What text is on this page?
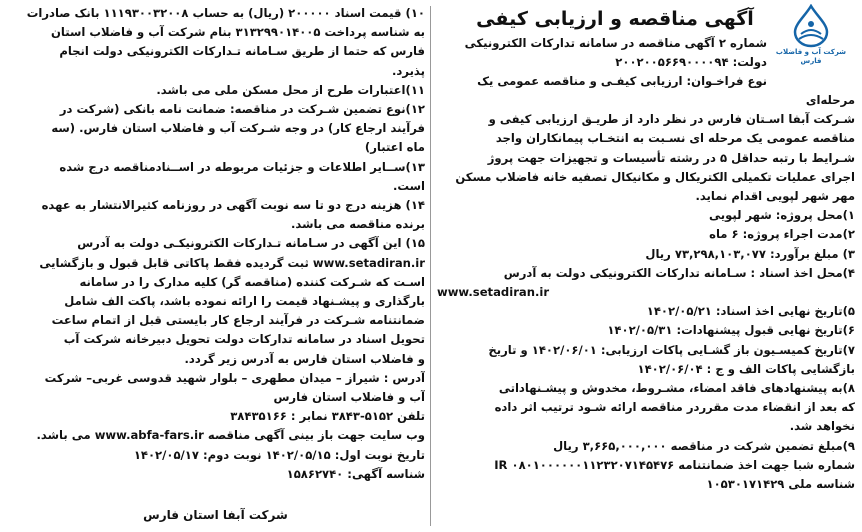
شرکت آب و فاضلاب فارس
آگهی مناقصه و ارزیابی کیفی
شماره ۲ آگهی مناقصه در سامانه تدارکات الکترونیکی
دولت: ۲۰۰۲۰۰۵۶۶۹۰۰۰۰۹۴
نوع فراخـوان: ارزیابی کیفـی و مناقصه عمومی یک
مرحله‌ای
شـرکت آبفا اسـتان فارس در نظر دارد از طریـق ارزیابی کیفی و
مناقصه عمومی یک مرحله ای نسـبت به انتخـاب پیمانکاران واجد
شـرایط با رتبه حداقل ۵ در رشته تأسیسات و تجهیزات جهت پروژ
اجرای عملیات تکمیلی الکتریکال و مکانیکال تصفیه خانه فاضلاب مسکن
مهر شهر لپویی اقدام نماید.
۱)محل پروژه: شهر لپویی
۲)مدت اجراء پروژه: ۶ ماه
۳) مبلغ برآورد: ۷۳,۲۹۸,۱۰۳,۰۷۷ ریال
۴)محل اخذ اسناد : سـامانه تدارکات الکترونیکی دولت به آدرس
www.setadiran.ir
۵)تاریخ نهایی اخذ اسناد: ۱۴۰۲/۰۵/۲۱
۶)تاریخ نهایی قبول پیشنهادات: ۱۴۰۲/۰۵/۳۱
۷)تاریخ کمیسـیون باز گشـایی پاکات ارزیابی: ۱۴۰۲/۰۶/۰۱ و تاریخ
بازگشایی پاکات الف و ج : ۱۴۰۲/۰۶/۰۴
۸)به پیشنهادهای فاقد امضاء، مشـروط، مخدوش و پیشـنهاداتی
که بعد از انقضاء مدت مقرردر مناقصه ارائه شـود ترتیب اثر داده
نخواهد شد.
۹)مبلغ تضمین شرکت در مناقصه ۳,۶۶۵,۰۰۰,۰۰۰ ریال
شماره شبا جهت اخذ ضمانتنامه IR ۰۸۰۱۰۰۰۰۰۰۱۱۲۳۲۰۷۱۴۵۴۷۶
شناسه ملی ۱۰۵۳۰۱۷۱۴۲۹
۱۰) قیمت اسناد ۲۰۰۰۰۰ (ریال) به حساب ۱۱۱۹۳۰۰۳۲۰۰۸ بانک صادرات
به شناسه پرداخت ۳۱۳۲۹۹۰۱۴۰۰۵ بنام شرکت آب و فاضلاب استان
فارس که حتما از طریق سـامانه تـدارکات الکترونیکی دولت انجام
پذیرد.
۱۱)اعتبارات طرح از محل مسکن ملی می باشد.
۱۲)نوع تضمین شـرکت در مناقصه: ضمانت نامه بانکی (شرکت در
فرآیند ارجاع کار) در وجه شـرکت آب و فاضلاب استان فارس. (سه
ماه اعتبار)
۱۳)ســایر اطلاعات و جزئیات مربوطه در اســنادمناقصه درج شده
است.
۱۴) هزینه درج دو تا سه نوبت آگهی در روزنامه کثیرالانتشار به عهده
برنده مناقصه می باشد.
۱۵) این آگهی در سـامانه تـدارکات الکترونیکـی دولت به آدرس
www.setadiran.ir ثبت گردیده فقط پاکاتی قابل قبول و بازگشایی
اسـت که شـرکت کننده (مناقصه گر) کلیه مدارک را در سامانه
بارگذاری و پیشـنهاد قیمت را ارائه نموده باشد، پاکت الف شامل
ضمانتنامه شـرکت در فرآیند ارجاع کار بایستی قبل از اتمام ساعت
تحویل اسناد در سامانه تدارکات دولت تحویل دبیرخانه شرکت آب
و فاضلاب استان فارس به آدرس زیر گردد.
آدرس : شیراز – میدان مطهری – بلوار شهید قدوسی غربی– شرکت
آب و فاضلاب استان فارس
تلفن ۵۱۵۲-۳۸۴۳ نمابر : ۳۸۴۳۵۱۶۶
وب سایت جهت باز بینی آگهی مناقصه www.abfa-fars.ir می باشد.
تاریخ نوبت اول: ۱۴۰۲/۰۵/۱۵ نوبت دوم: ۱۴۰۲/۰۵/۱۷
شناسه آگهی: ۱۵۸۶۲۷۴۰
شرکت آبفا استان فارس
